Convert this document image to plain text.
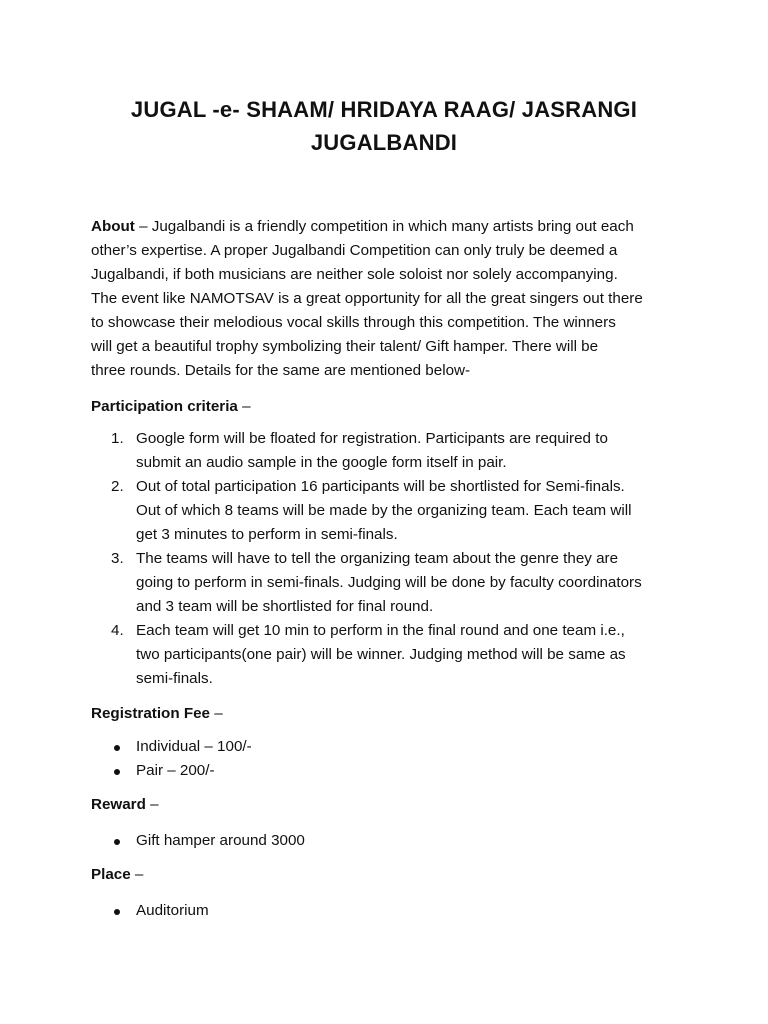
JUGAL -e- SHAAM/ HRIDAYA RAAG/ JASRANGI
JUGALBANDI
About – Jugalbandi is a friendly competition in which many artists bring out each
other’s expertise. A proper Jugalbandi Competition can only truly be deemed a
Jugalbandi, if both musicians are neither sole soloist nor solely accompanying.
The event like NAMOTSAV is a great opportunity for all the great singers out there
to showcase their melodious vocal skills through this competition. The winners
will get a beautiful trophy symbolizing their talent/ Gift hamper. There will be
three rounds. Details for the same are mentioned below-
Participation criteria –
1. Google form will be floated for registration. Participants are required to
submit an audio sample in the google form itself in pair.
2. Out of total participation 16 participants will be shortlisted for Semi-finals.
Out of which 8 teams will be made by the organizing team. Each team will
get 3 minutes to perform in semi-finals.
3. The teams will have to tell the organizing team about the genre they are
going to perform in semi-finals. Judging will be done by faculty coordinators
and 3 team will be shortlisted for final round.
4. Each team will get 10 min to perform in the final round and one team i.e.,
two participants(one pair) will be winner. Judging method will be same as
semi-finals.
Registration Fee –
Individual – 100/-
Pair – 200/-
Reward –
Gift hamper around 3000
Place –
Auditorium
